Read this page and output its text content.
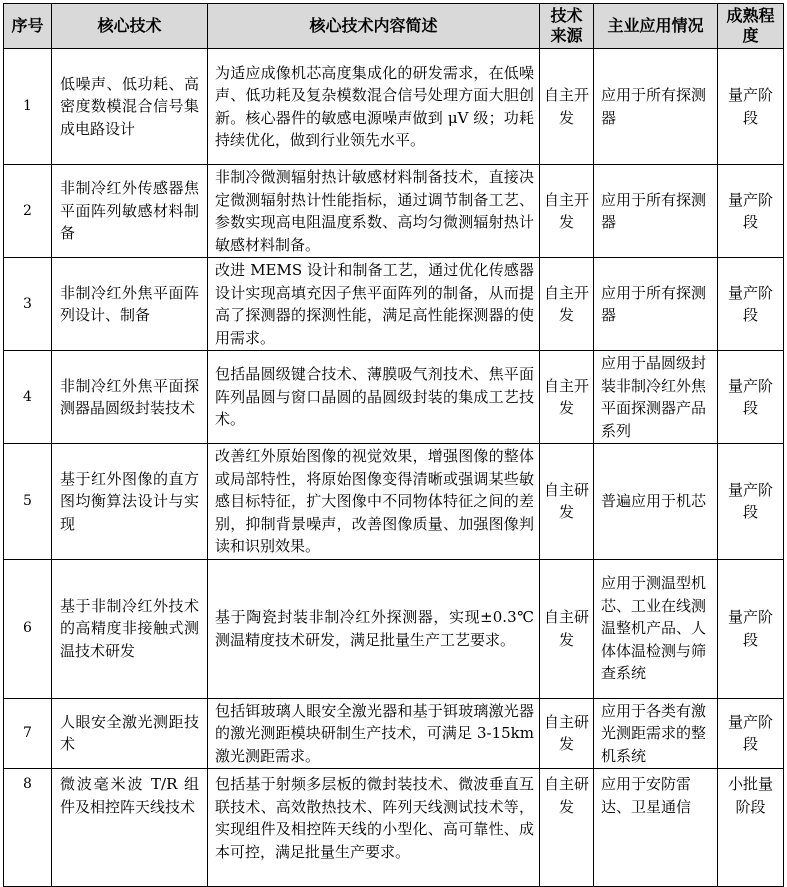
序号	核心技术	核心技术内容简述	技术来源	主业应用情况	成熟程度
1	低噪声、低功耗、高密度数模混合信号集成电路设计	为适应成像机芯高度集成化的研发需求，在低噪声、低功耗及复杂模数混合信号处理方面大胆创新。核心器件的敏感电源噪声做到 μV 级；功耗持续优化，做到行业领先水平。	自主开发	应用于所有探测器	量产阶段
2	非制冷红外传感器焦平面阵列敏感材料制备	非制冷微测辐射热计敏感材料制备技术，直接决定微测辐射热计性能指标，通过调节制备工艺、参数实现高电阻温度系数、高均匀微测辐射热计敏感材料制备。	自主开发	应用于所有探测器	量产阶段
3	非制冷红外焦平面阵列设计、制备	改进 MEMS 设计和制备工艺，通过优化传感器设计实现高填充因子焦平面阵列的制备，从而提高了探测器的探测性能，满足高性能探测器的使用需求。	自主开发	应用于所有探测器	量产阶段
4	非制冷红外焦平面探测器晶圆级封装技术	包括晶圆级键合技术、薄膜吸气剂技术、焦平面阵列晶圆与窗口晶圆的晶圆级封装的集成工艺技术。	自主开发	应用于晶圆级封装非制冷红外焦平面探测器产品系列	量产阶段
5	基于红外图像的直方图均衡算法设计与实现	改善红外原始图像的视觉效果，增强图像的整体或局部特性，将原始图像变得清晰或强调某些敏感目标特征，扩大图像中不同物体特征之间的差别，抑制背景噪声，改善图像质量、加强图像判读和识别效果。	自主研发	普遍应用于机芯	量产阶段
6	基于非制冷红外技术的高精度非接触式测温技术研发	基于陶瓷封装非制冷红外探测器，实现±0.3℃测温精度技术研发，满足批量生产工艺要求。	自主研发	应用于测温型机芯、工业在线测温整机产品、人体体温检测与筛查系统	量产阶段
7	人眼安全激光测距技术	包括铒玻璃人眼安全激光器和基于铒玻璃激光器的激光测距模块研制生产技术，可满足 3-15km 激光测距需求。	自主研发	应用于各类有激光测距需求的整机系统	量产阶段
8	微波毫米波 T/R 组件及相控阵天线技术	包括基于射频多层板的微封装技术、微波垂直互联技术、高效散热技术、阵列天线测试技术等，实现组件及相控阵天线的小型化、高可靠性、成本可控，满足批量生产要求。	自主研发	应用于安防雷达、卫星通信	小批量阶段
